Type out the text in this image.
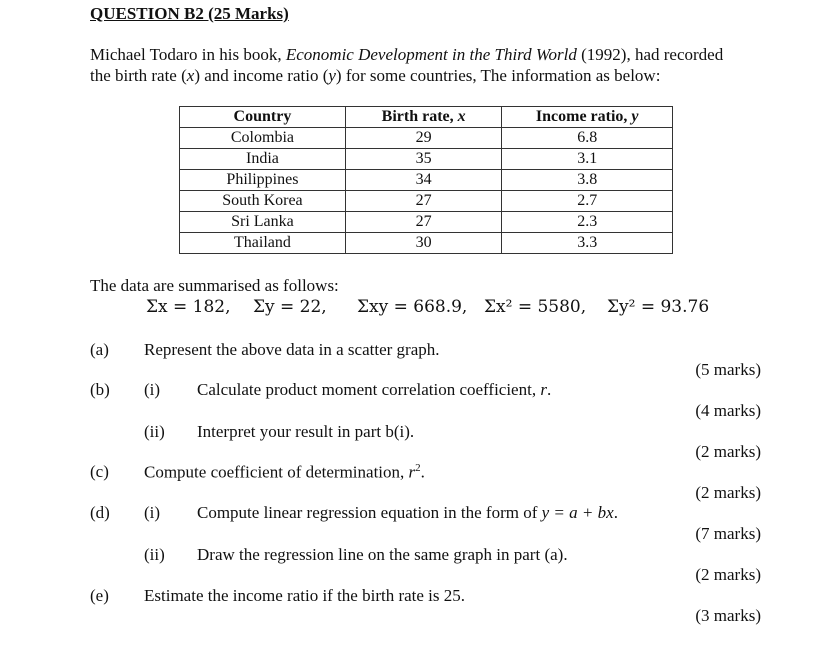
QUESTION B2 (25 Marks)
Michael Todaro in his book, Economic Development in the Third World (1992), had recorded
the birth rate (x) and income ratio (y) for some countries, The information as below:
Country	Birth rate, x	Income ratio, y
Colombia	29	6.8
India	35	3.1
Philippines	34	3.8
South Korea	27	2.7
Sri Lanka	27	2.3
Thailand	30	3.3
The data are summarised as follows:
Σx = 182, Σy = 22, Σxy = 668.9, Σx² = 5580, Σy² = 93.76
(a) Represent the above data in a scatter graph.
(5 marks)
(b) (i) Calculate product moment correlation coefficient, r.
(4 marks)
(ii) Interpret your result in part b(i).
(2 marks)
(c) Compute coefficient of determination, $r^2$.
(2 marks)
(d) (i) Compute linear regression equation in the form of y = a + bx.
(7 marks)
(ii) Draw the regression line on the same graph in part (a).
(2 marks)
(e) Estimate the income ratio if the birth rate is 25.
(3 marks)
